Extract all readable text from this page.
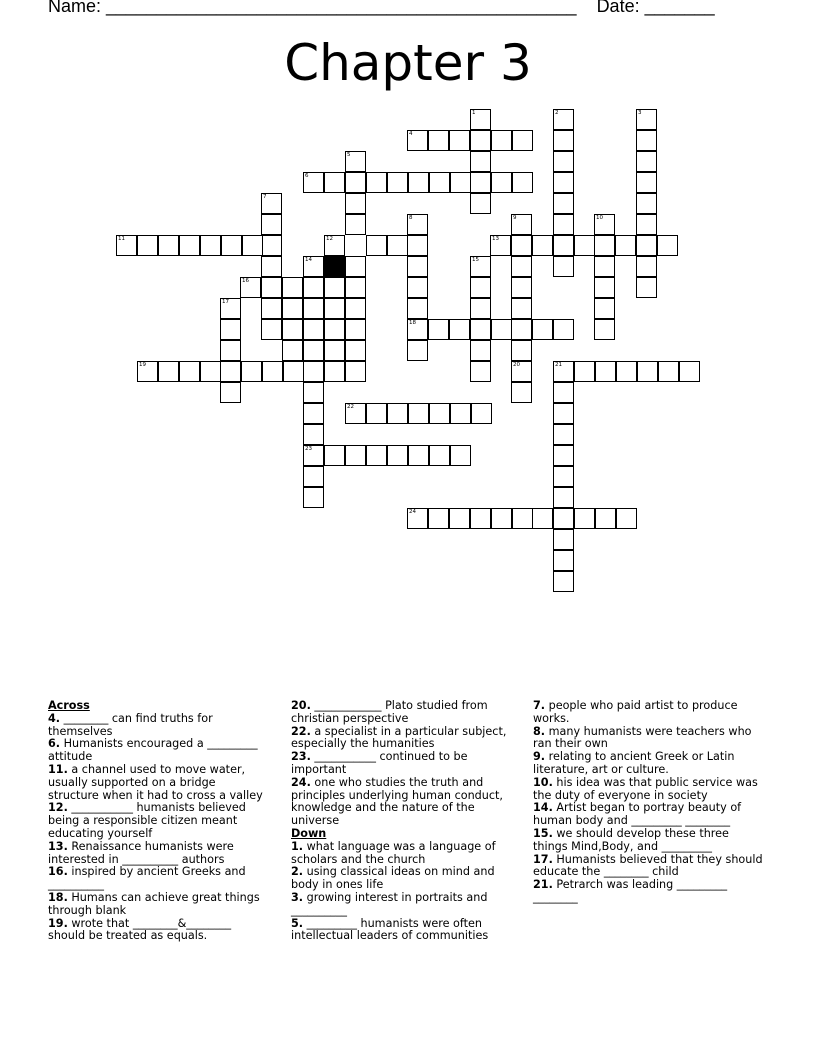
Name: _______________________________________________ Date: _______
Chapter 3
1	2	3
4
5
6
7
8	9	10
11	12	13
14	15
16
17
18
19	20	21
23
22
24

Across

4. ________ can find truths for themselves

6. Humanists encouraged a _________ attitude

11. a channel used to move water, usually supported on a bridge structure when it had to cross a valley

12. ___________ humanists believed being a responsible citizen meant educating yourself

13. Renaissance humanists were interested in __________ authors

16. inspired by ancient Greeks and __________

18. Humans can achieve great things through blank

19. wrote that ________&________ should be treated as equals.

20. ____________ Plato studied from christian perspective

22. a specialist in a particular subject, especially the humanities

23. ___________ continued to be important

24. one who studies the truth and principles underlying human conduct, knowledge and the nature of the universe

Down

1. what language was a language of scholars and the church

2. using classical ideas on mind and body in ones life

3. growing interest in portraits and __________

5. _________ humanists were often intellectual leaders of communities

7. people who paid artist to produce works.

8. many humanists were teachers who ran their own

9. relating to ancient Greek or Latin literature, art or culture.

10. his idea was that public service was the duty of everyone in society

14. Artist began to portray beauty of human body and _________ ________

15. we should develop these three things Mind,Body, and _________

17. Humanists believed that they should educate the ________ child

21. Petrarch was leading _________ ________
